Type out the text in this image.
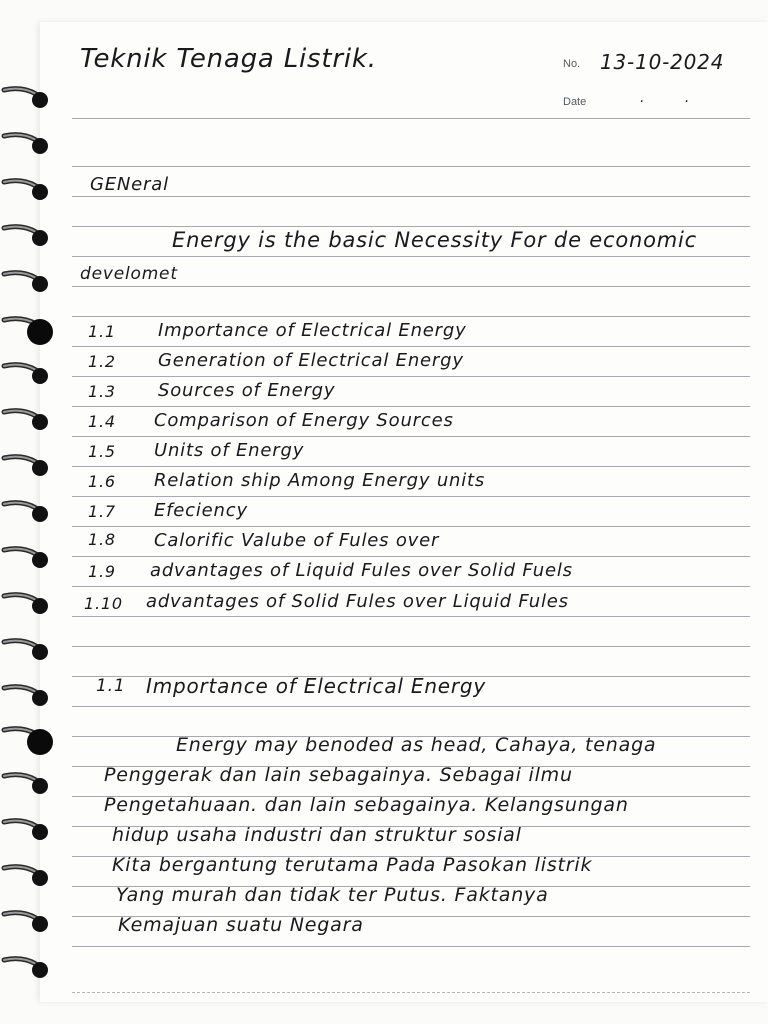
Teknik Tenaga Listrik.	No. 13-10-2024
Date	. .
GENeral
Energy is the basic Necessity For de economic
develomet
1.1 Importance of Electrical Energy
1.2 Generation of Electrical Energy
1.3 Sources of Energy
1.4 Comparison of Energy Sources
1.5 Units of Energy
1.6 Relation ship Among Energy units
1.7 Efeciency
1.8 Calorific Valube of Fules over
1.9 advantages of Liquid Fules over Solid Fuels
1.10 advantages of Solid Fules over Liquid Fules
1.1 Importance of Electrical Energy
Energy may benoded as head, Cahaya, tenaga
Penggerak dan lain sebagainya. Sebagai ilmu
Pengetahuaan. dan lain sebagainya. Kelangsungan
hidup usaha industri dan struktur sosial
Kita bergantung terutama Pada Pasokan listrik
Yang murah dan tidak ter Putus. Faktanya
Kemajuan suatu Negara
